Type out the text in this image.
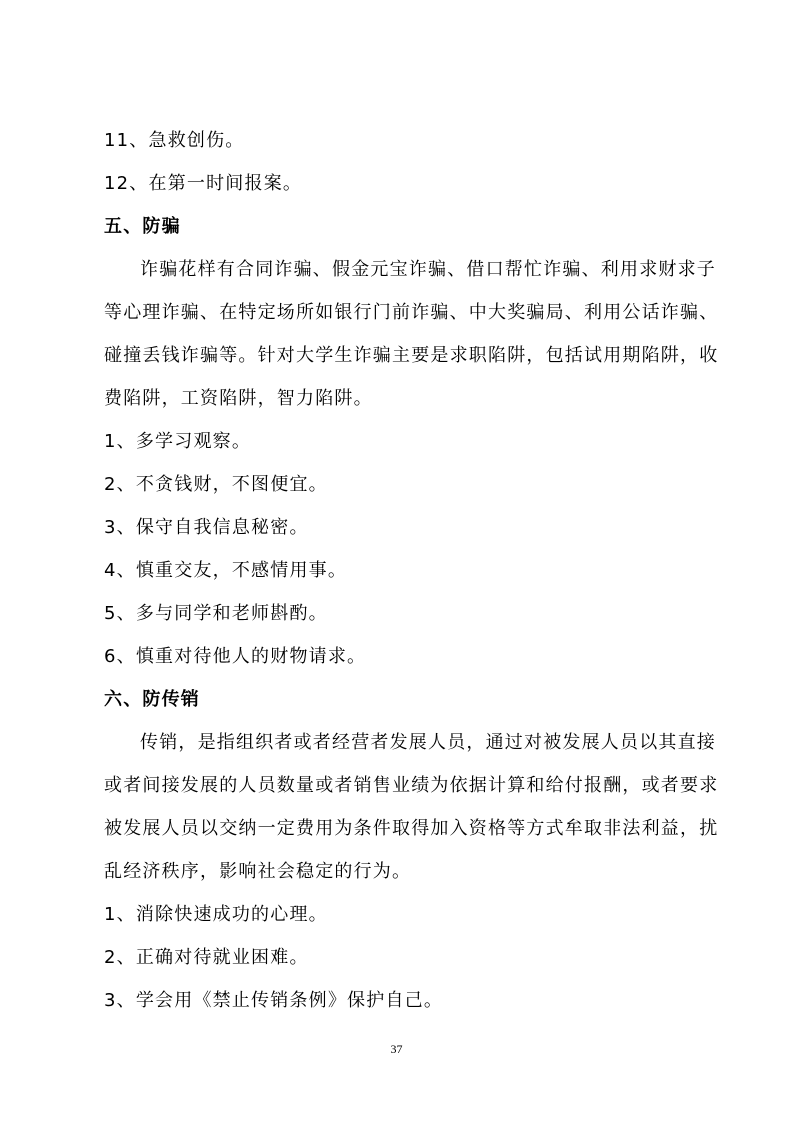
11、急救创伤。
12、在第一时间报案。
五、防骗
诈骗花样有合同诈骗、假金元宝诈骗、借口帮忙诈骗、利用求财求子
等心理诈骗、在特定场所如银行门前诈骗、中大奖骗局、利用公话诈骗、
碰撞丢钱诈骗等。针对大学生诈骗主要是求职陷阱，包括试用期陷阱，收
费陷阱，工资陷阱，智力陷阱。
1、多学习观察。
2、不贪钱财，不图便宜。
3、保守自我信息秘密。
4、慎重交友，不感情用事。
5、多与同学和老师斟酌。
6、慎重对待他人的财物请求。
六、防传销
传销，是指组织者或者经营者发展人员，通过对被发展人员以其直接
或者间接发展的人员数量或者销售业绩为依据计算和给付报酬，或者要求
被发展人员以交纳一定费用为条件取得加入资格等方式牟取非法利益，扰
乱经济秩序，影响社会稳定的行为。
1、消除快速成功的心理。
2、正确对待就业困难。
3、学会用《禁止传销条例》保护自己。
37
